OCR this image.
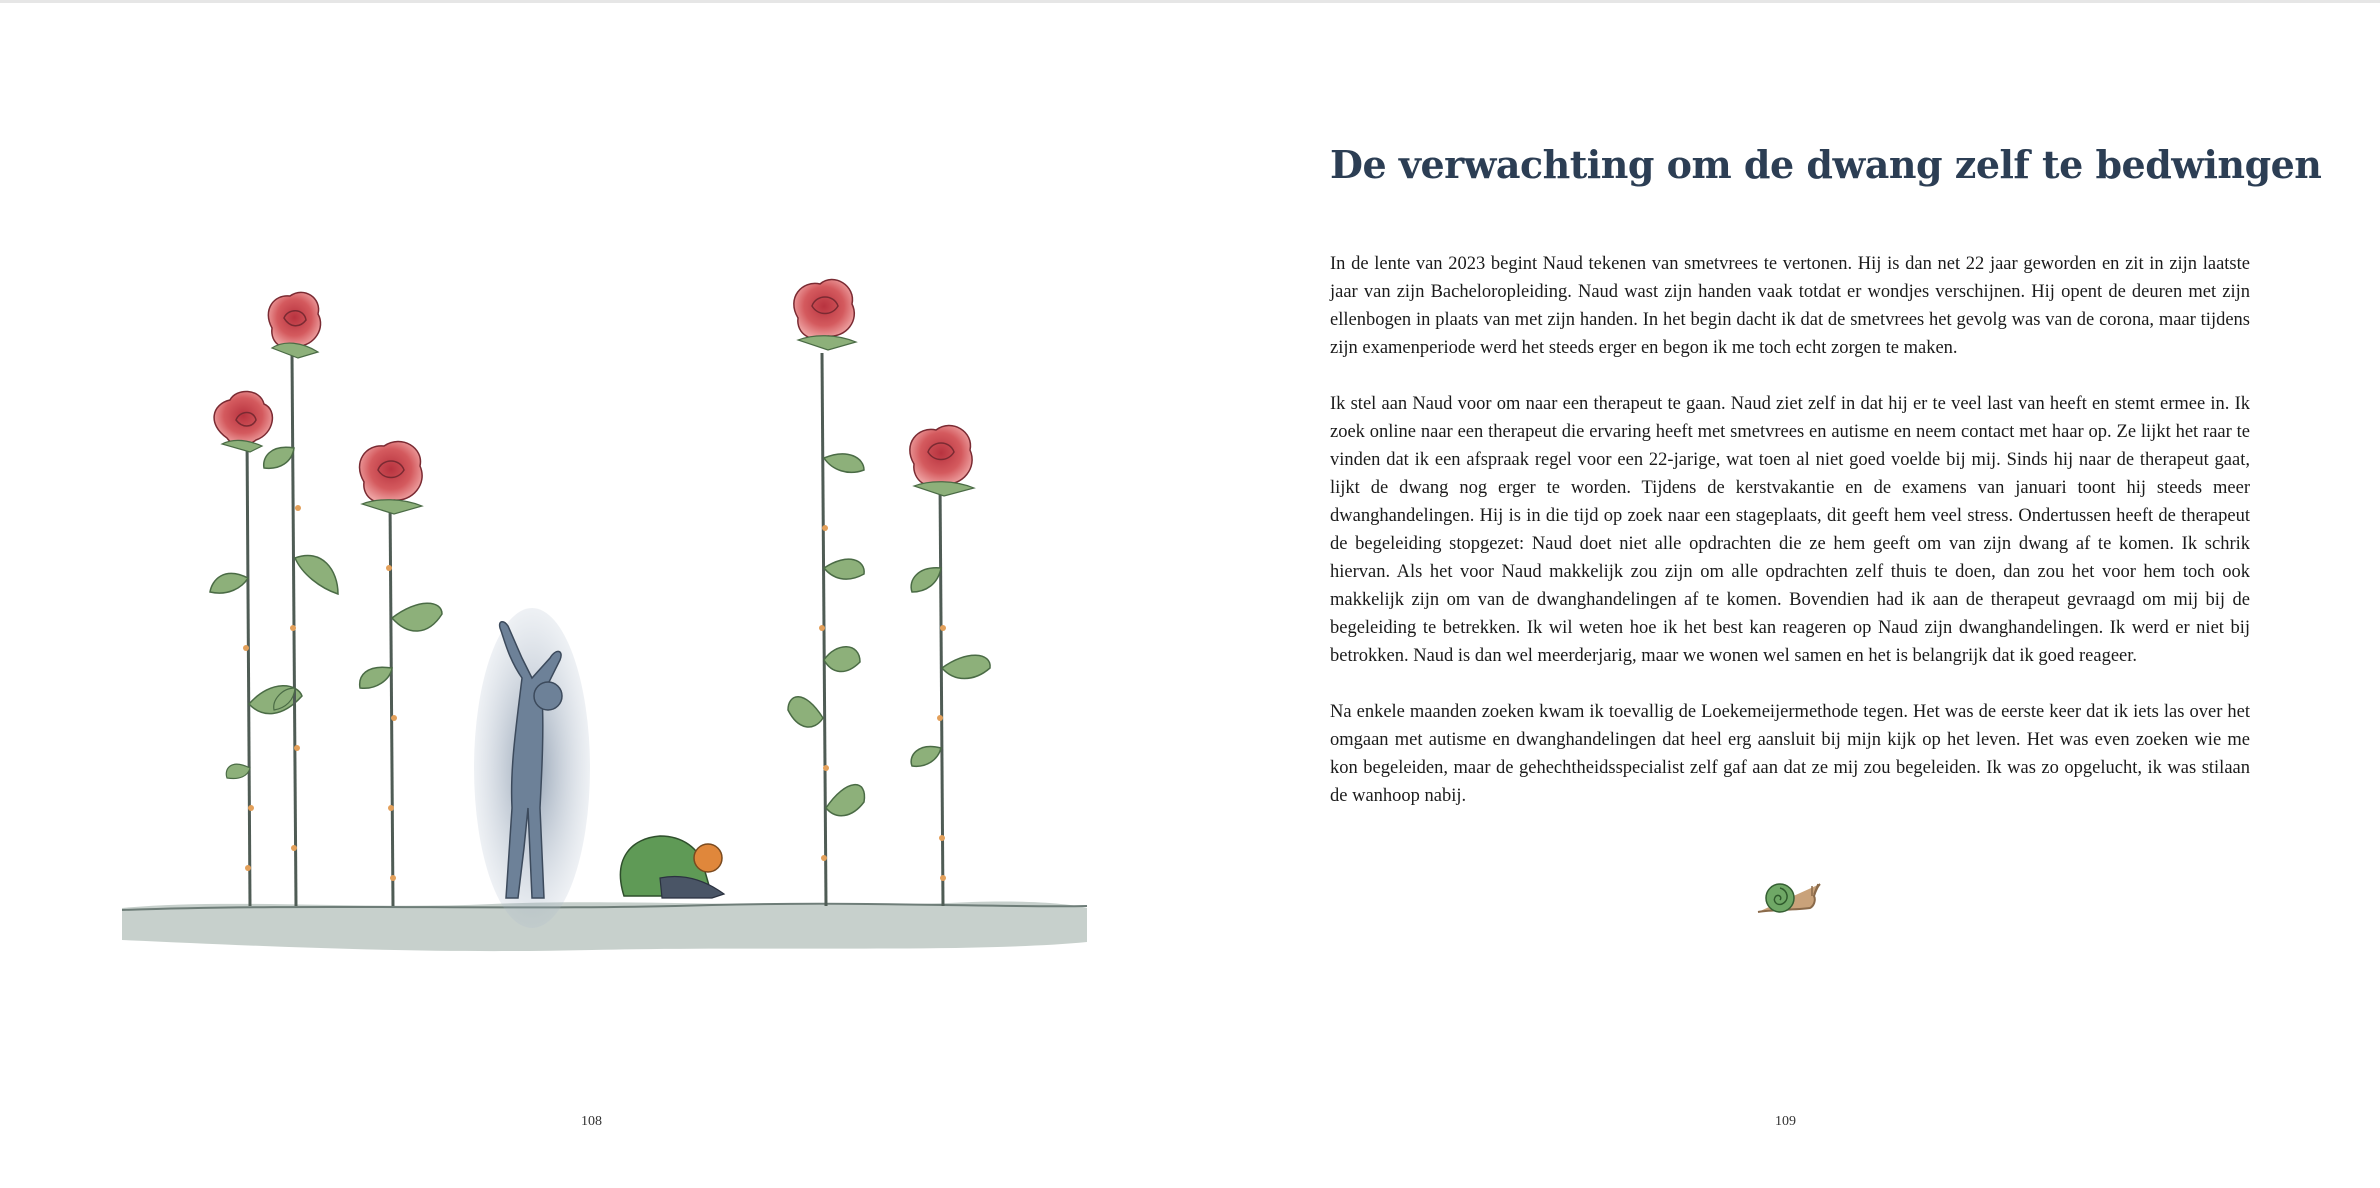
108
De verwachting om de dwang zelf te bedwingen

In de lente van 2023 begint Naud tekenen van smetvrees te vertonen. Hij is dan net 22 jaar geworden en zit in zijn laatste jaar van zijn Bacheloropleiding. Naud wast zijn handen vaak totdat er wondjes verschijnen. Hij opent de deuren met zijn ellenbogen in plaats van met zijn handen. In het begin dacht ik dat de smetvrees het gevolg was van de corona, maar tijdens zijn examenperiode werd het steeds erger en begon ik me toch echt zorgen te maken.

Ik stel aan Naud voor om naar een therapeut te gaan. Naud ziet zelf in dat hij er te veel last van heeft en stemt ermee in. Ik zoek online naar een therapeut die ervaring heeft met smetvrees en autisme en neem contact met haar op. Ze lijkt het raar te vinden dat ik een afspraak regel voor een 22-jarige, wat toen al niet goed voelde bij mij. Sinds hij naar de therapeut gaat, lijkt de dwang nog erger te worden. Tijdens de kerstvakantie en de examens van januari toont hij steeds meer dwanghandelingen. Hij is in die tijd op zoek naar een stageplaats, dit geeft hem veel stress. Ondertussen heeft de therapeut de begeleiding stopgezet: Naud doet niet alle opdrachten die ze hem geeft om van zijn dwang af te komen. Ik schrik hiervan. Als het voor Naud makkelijk zou zijn om alle opdrachten zelf thuis te doen, dan zou het voor hem toch ook makkelijk zijn om van de dwanghandelingen af te komen. Bovendien had ik aan de therapeut gevraagd om mij bij de begeleiding te betrekken. Ik wil weten hoe ik het best kan reageren op Naud zijn dwanghandelingen. Ik werd er niet bij betrokken. Naud is dan wel meerderjarig, maar we wonen wel samen en het is belangrijk dat ik goed reageer.

Na enkele maanden zoeken kwam ik toevallig de Loekemeijermethode tegen. Het was de eerste keer dat ik iets las over het omgaan met autisme en dwanghandelingen dat heel erg aansluit bij mijn kijk op het leven. Het was even zoeken wie me kon begeleiden, maar de gehechtheidsspecialist zelf gaf aan dat ze mij zou begeleiden. Ik was zo opgelucht, ik was stilaan de wanhoop nabij.

109
